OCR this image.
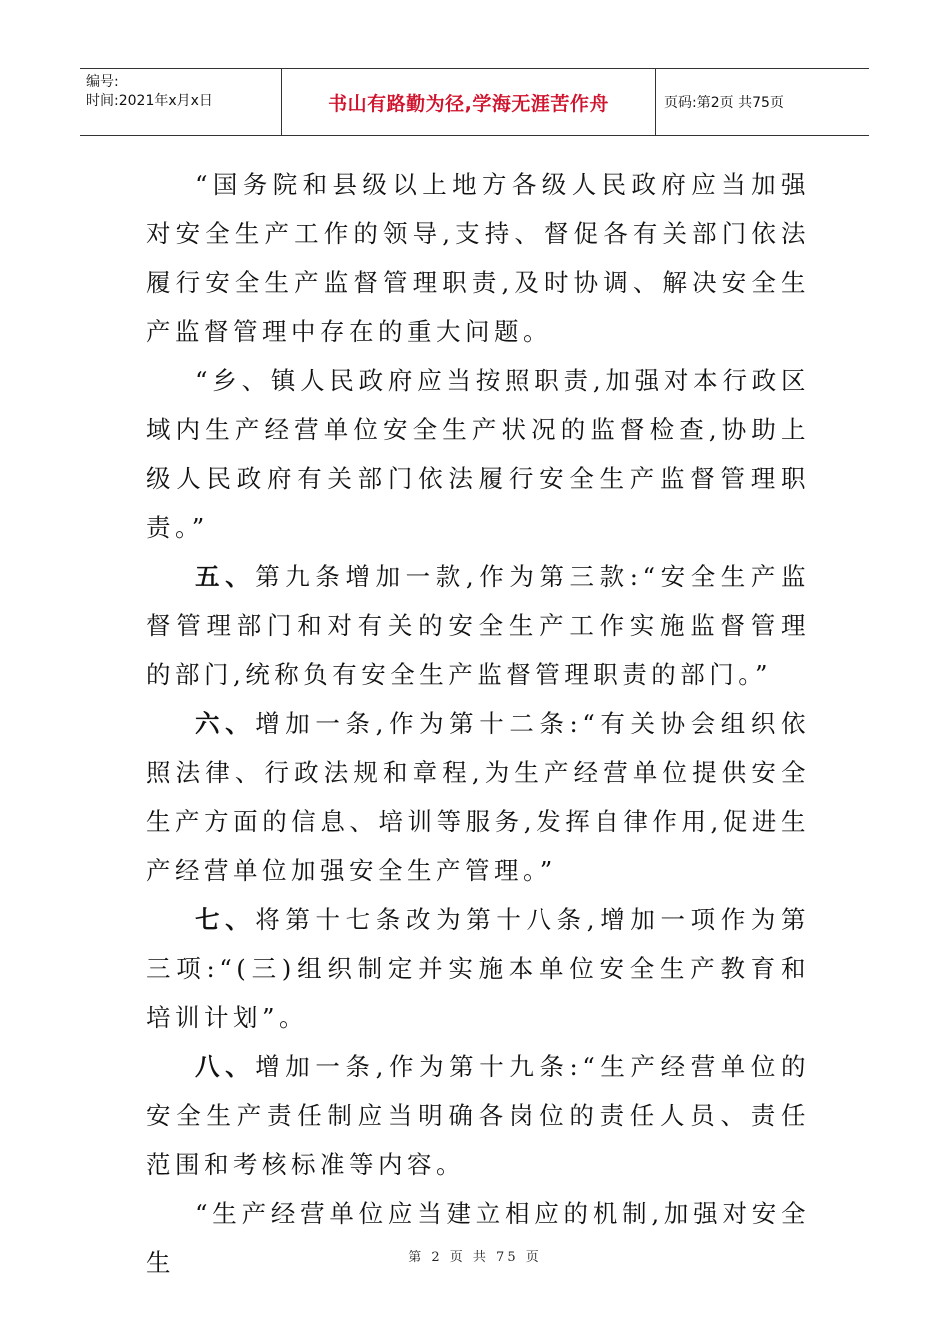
编号:
时间:2021年x月x日	书山有路勤为径,学海无涯苦作舟	页码:第2页 共75页

“国务院和县级以上地方各级人民政府应当加强对安全生产工作的领导,支持、督促各有关部门依法履行安全生产监督管理职责,及时协调、解决安全生产监督管理中存在的重大问题。

“乡、镇人民政府应当按照职责,加强对本行政区域内生产经营单位安全生产状况的监督检查,协助上级人民政府有关部门依法履行安全生产监督管理职责。”

五、第九条增加一款,作为第三款:“安全生产监督管理部门和对有关的安全生产工作实施监督管理的部门,统称负有安全生产监督管理职责的部门。”

六、增加一条,作为第十二条:“有关协会组织依照法律、行政法规和章程,为生产经营单位提供安全生产方面的信息、培训等服务,发挥自律作用,促进生产经营单位加强安全生产管理。”

七、将第十七条改为第十八条,增加一项作为第三项:“(三)组织制定并实施本单位安全生产教育和培训计划”。

八、增加一条,作为第十九条:“生产经营单位的安全生产责任制应当明确各岗位的责任人员、责任范围和考核标准等内容。

“生产经营单位应当建立相应的机制,加强对安全生	第 2 页 共 75 页
